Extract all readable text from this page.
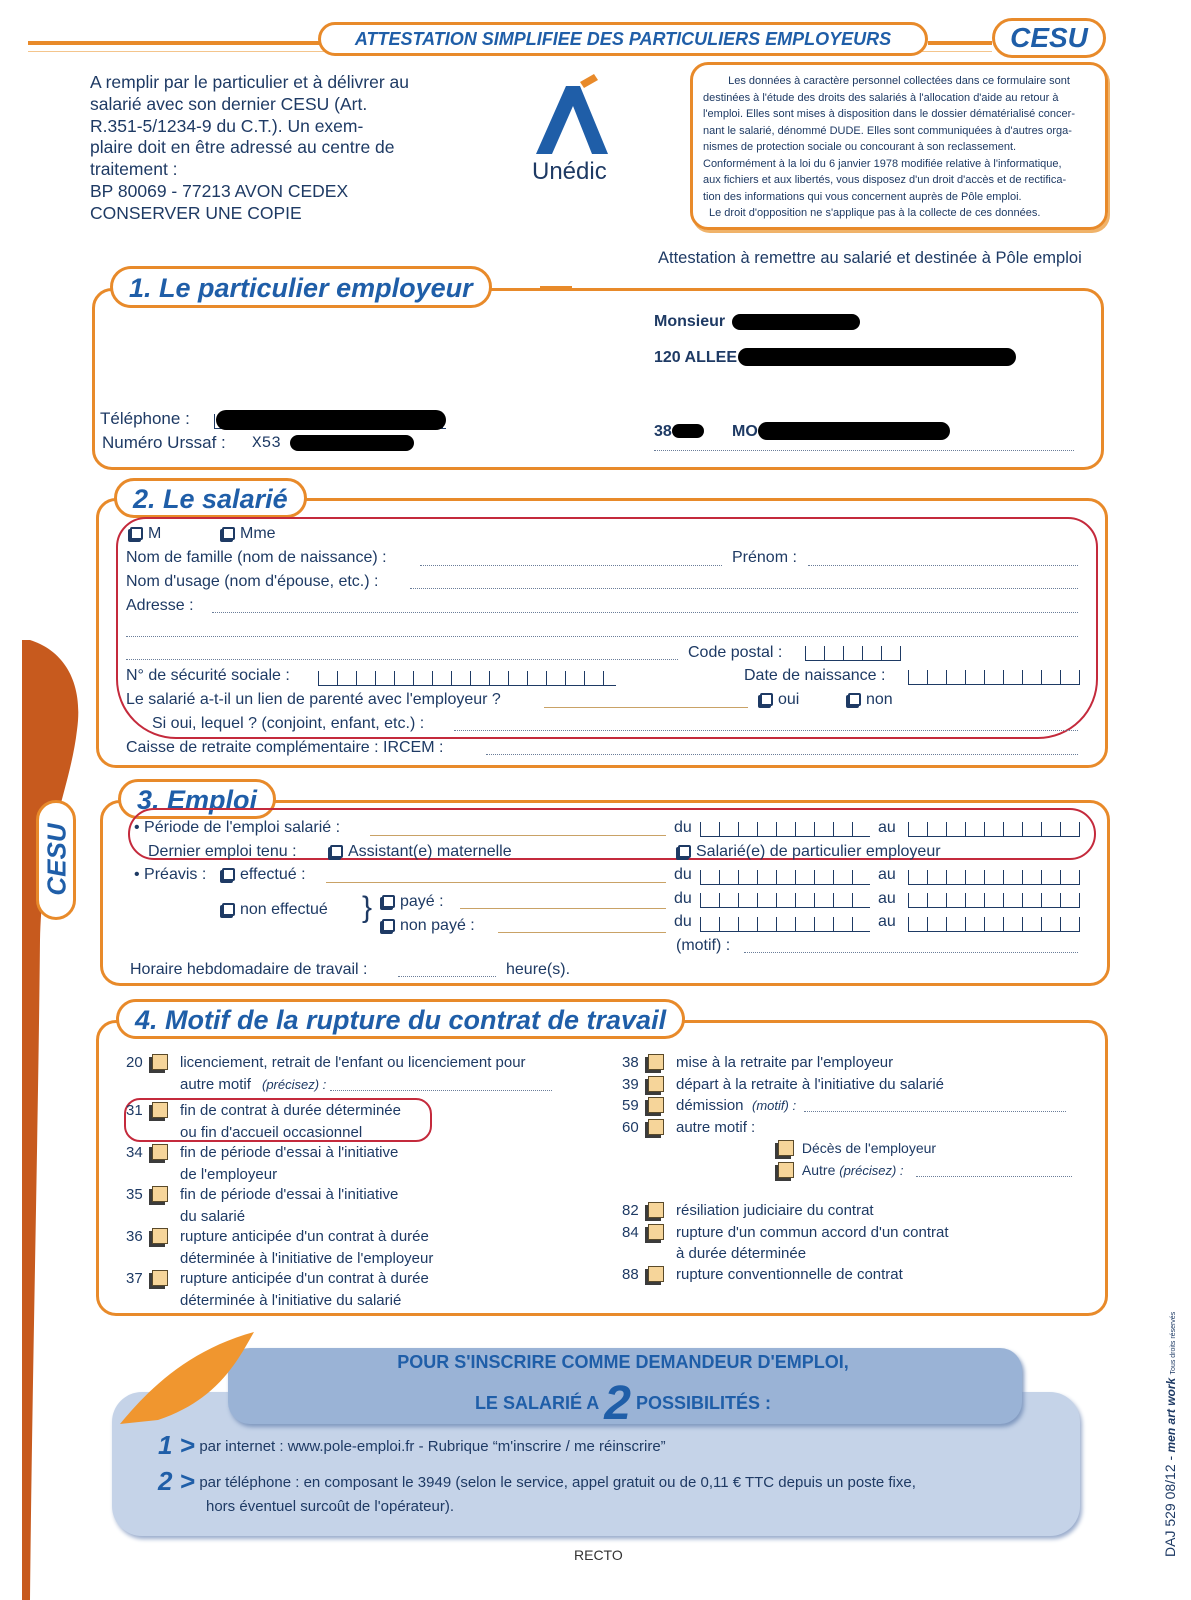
ATTESTATION SIMPLIFIEE DES PARTICULIERS EMPLOYEURS	CESU
A remplir par le particulier et à délivrer au
salarié avec son dernier CESU (Art.
R.351-5/1234-9 du C.T.). Un exem-
plaire doit en être adressé au centre de
traitement :
BP 80069 - 77213 AVON CEDEX
CONSERVER UNE COPIE
Unédic
Les données à caractère personnel collectées dans ce formulaire sont
destinées à l'étude des droits des salariés à l'allocation d'aide au retour à
l'emploi. Elles sont mises à disposition dans le dossier dématérialisé concer-
nant le salarié, dénommé DUDE. Elles sont communiquées à d'autres orga-
nismes de protection sociale ou concourant à son reclassement.
Conformément à la loi du 6 janvier 1978 modifiée relative à l'informatique,
aux fichiers et aux libertés, vous disposez d'un droit d'accès et de rectifica-
tion des informations qui vous concernent auprès de Pôle emploi.
Le droit d'opposition ne s'applique pas à la collecte de ces données.
Attestation à remettre au salarié et destinée à Pôle emploi
CESU
1. Le particulier employeur
Monsieur
120 ALLEE
38	MO
Téléphone :
Numéro Urssaf : X53
2. Le salarié
M	Mme
Nom de famille (nom de naissance) :	Prénom :
Nom d'usage (nom d'épouse, etc.) :
Adresse :
Code postal :
N° de sécurité sociale :	Date de naissance :
Le salarié a-t-il un lien de parenté avec l'employeur ?	oui	non
Si oui, lequel ? (conjoint, enfant, etc.) :
Caisse de retraite complémentaire : IRCEM :
3. Emploi
• Période de l'emploi salarié :	du	au
Dernier emploi tenu :	Assistant(e) maternelle	Salarié(e) de particulier employeur
• Préavis :	effectué :	du	au
non effectué }	payé :	du	au
non payé :	du	au
(motif) :
Horaire hebdomadaire de travail :	heure(s).
4. Motif de la rupture du contrat de travail
20 licenciement, retrait de l'enfant ou licenciement pour
autre motif (précisez) :
31 fin de contrat à durée déterminée
ou fin d'accueil occasionnel
34 fin de période d'essai à l'initiative
de l'employeur
35 fin de période d'essai à l'initiative
du salarié
36 rupture anticipée d'un contrat à durée
déterminée à l'initiative de l'employeur
37 rupture anticipée d'un contrat à durée
déterminée à l'initiative du salarié
38 mise à la retraite par l'employeur
39 départ à la retraite à l'initiative du salarié
59 démission (motif) :
60 autre motif :
Décès de l'employeur
Autre (précisez) :
82 résiliation judiciaire du contrat
84 rupture d'un commun accord d'un contrat
à durée déterminée
88 rupture conventionnelle de contrat
POUR S'INSCRIRE COMME DEMANDEUR D'EMPLOI,
LE SALARIÉ A 2 POSSIBILITÉS :
1 > par internet : www.pole-emploi.fr - Rubrique “m'inscrire / me réinscrire”
2 > par téléphone : en composant le 3949 (selon le service, appel gratuit ou de 0,11 € TTC depuis un poste fixe,
hors éventuel surcoût de l'opérateur).
RECTO	DAJ 529 08/12 - men art work Tous droits réservés
